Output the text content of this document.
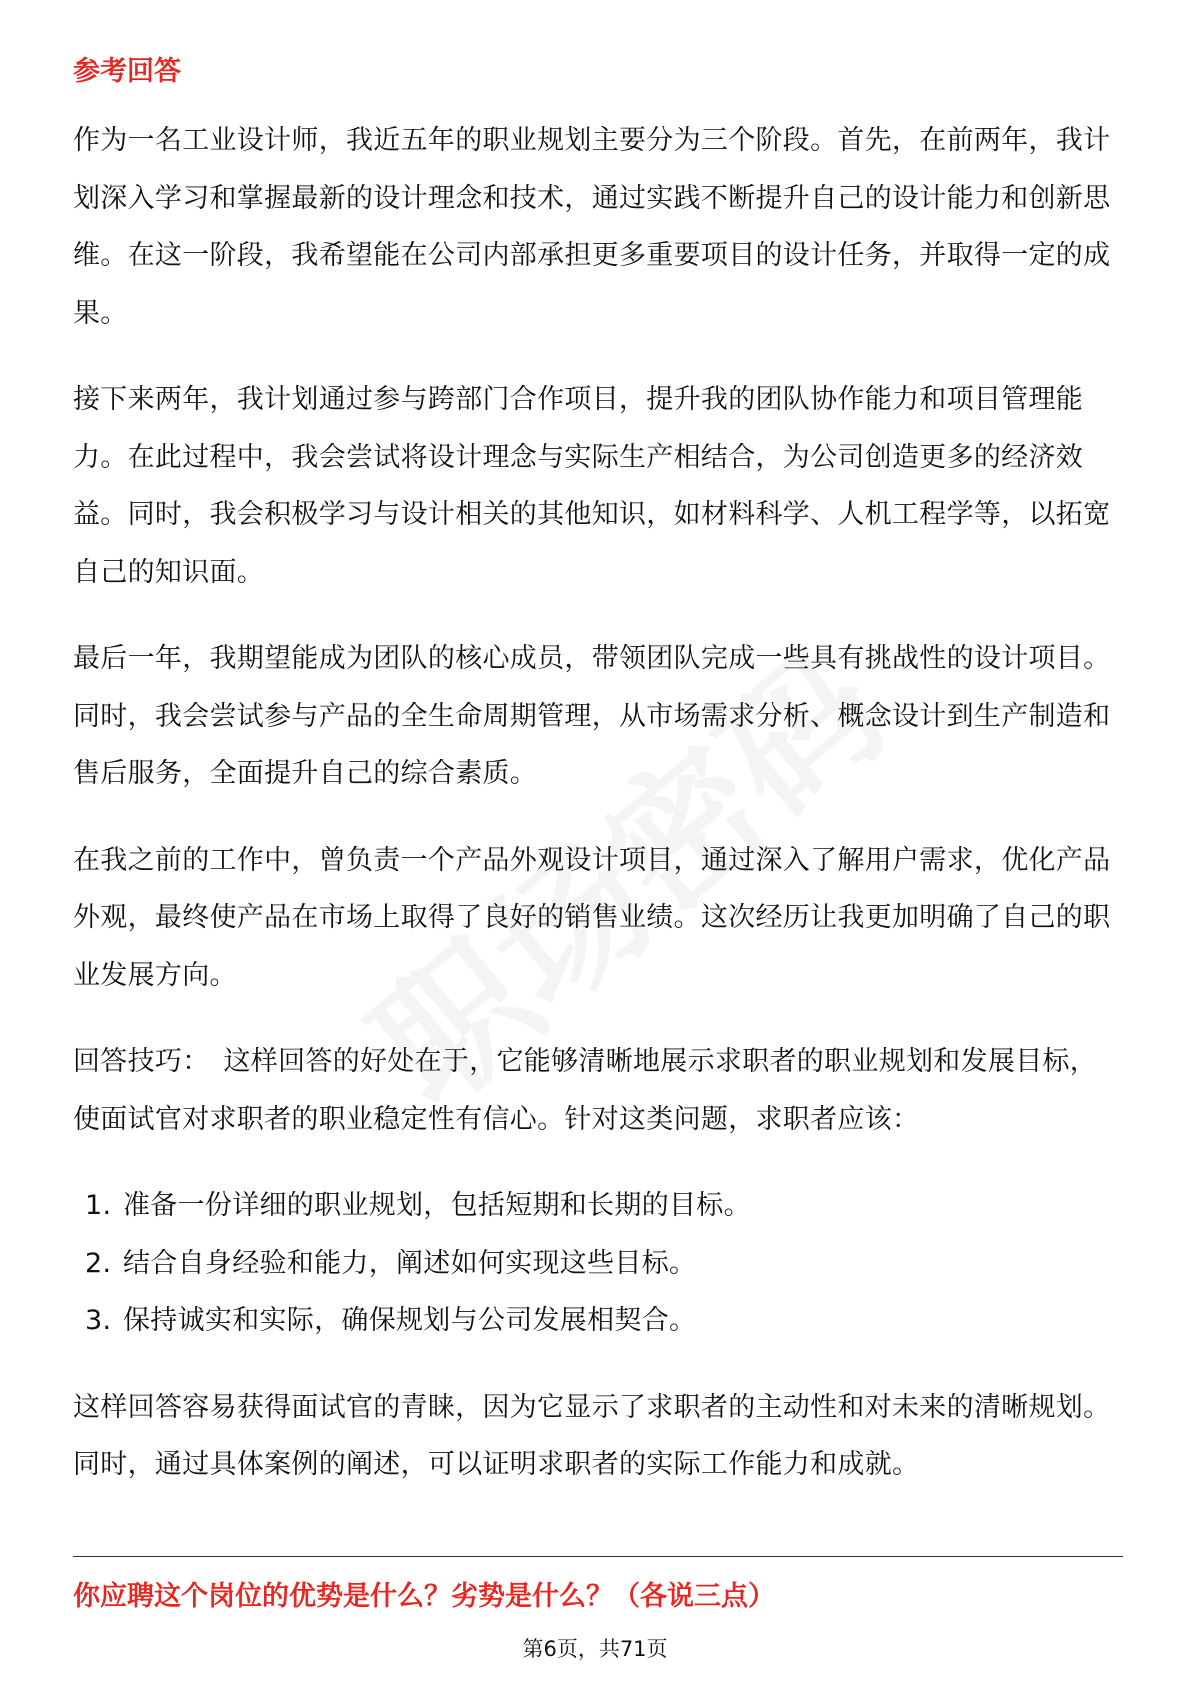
参考回答

作为一名工业设计师，我近五年的职业规划主要分为三个阶段。首先，在前两年，我计划深入学习和掌握最新的设计理念和技术，通过实践不断提升自己的设计能力和创新思维。在这一阶段，我希望能在公司内部承担更多重要项目的设计任务，并取得一定的成果。

接下来两年，我计划通过参与跨部门合作项目，提升我的团队协作能力和项目管理能力。在此过程中，我会尝试将设计理念与实际生产相结合，为公司创造更多的经济效益。同时，我会积极学习与设计相关的其他知识，如材料科学、人机工程学等，以拓宽自己的知识面。

最后一年，我期望能成为团队的核心成员，带领团队完成一些具有挑战性的设计项目。同时，我会尝试参与产品的全生命周期管理，从市场需求分析、概念设计到生产制造和售后服务，全面提升自己的综合素质。

在我之前的工作中，曾负责一个产品外观设计项目，通过深入了解用户需求，优化产品外观，最终使产品在市场上取得了良好的销售业绩。这次经历让我更加明确了自己的职业发展方向。

回答技巧： 这样回答的好处在于，它能够清晰地展示求职者的职业规划和发展目标，使面试官对求职者的职业稳定性有信心。针对这类问题，求职者应该：

1. 准备一份详细的职业规划，包括短期和长期的目标。
2. 结合自身经验和能力，阐述如何实现这些目标。
3. 保持诚实和实际，确保规划与公司发展相契合。

这样回答容易获得面试官的青睐，因为它显示了求职者的主动性和对未来的清晰规划。同时，通过具体案例的阐述，可以证明求职者的实际工作能力和成就。

你应聘这个岗位的优势是什么？劣势是什么？（各说三点）
第6页，共71页
